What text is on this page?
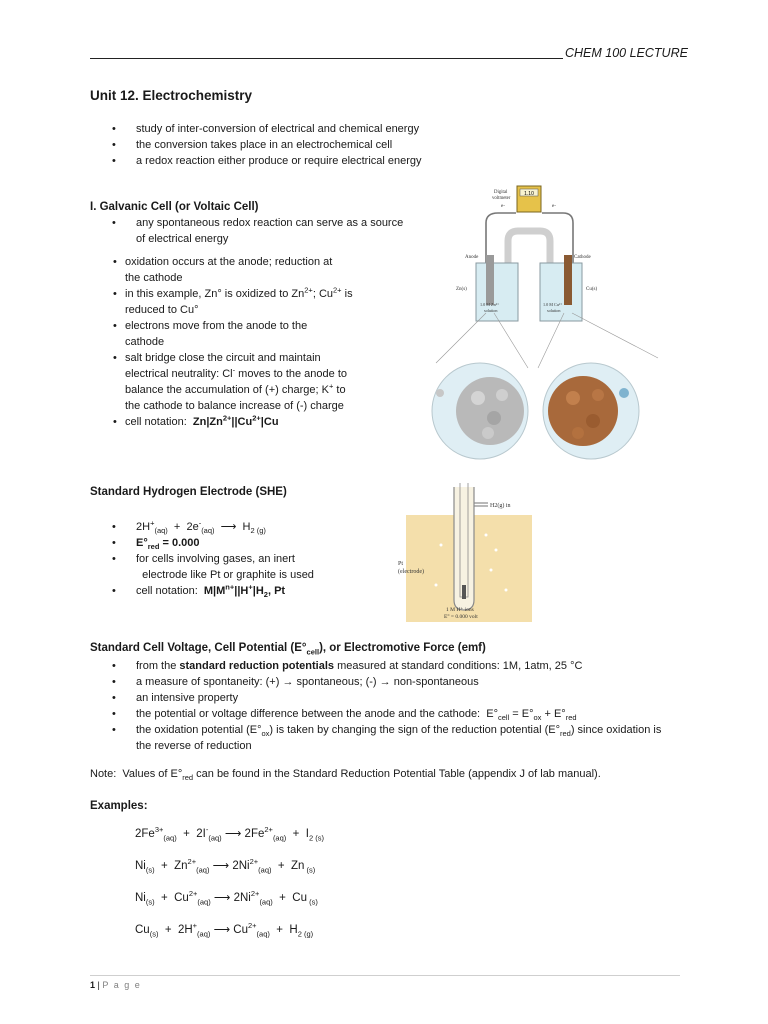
CHEM 100 LECTURE
Unit 12. Electrochemistry
• study of inter-conversion of electrical and chemical energy
• the conversion takes place in an electrochemical cell
• a redox reaction either produce or require electrical energy
I. Galvanic Cell (or Voltaic Cell)
• any spontaneous redox reaction can serve as a source
of electrical energy
• oxidation occurs at the anode; reduction at
the cathode
• in this example, Zn° is oxidized to $Zn^{2+}$; $Cu^{2+}$ is
reduced to Cu°
• electrons move from the anode to the
cathode
• salt bridge close the circuit and maintain
electrical neutrality: Cl- moves to the anode to
balance the accumulation of (+) charge; K+ to
the cathode to balance increase of (-) charge
• cell notation:  $Zn|Zn^{2+}||Cu^{2+}|Cu$
1.10
Digital
voltmeter
e-	e-
Anode	Cathode
Zn(s)	Cu(s)
1.0 M Zn²⁺
solution
1.0 M Cu²⁺
solution
Standard Hydrogen Electrode (SHE)
• $2H^+_{(aq)} + 2e^-_{(aq)}$  ⟶  $H_{2 (g)}$
• $E^\circ_{red} = 0.000$
• for cells involving gases, an inert
electrode like Pt or graphite is used
• cell notation:  $M|M^{n+}||H^+|H_2$, Pt
H2(g) in
Pt
(electrode)
1 M H⁺ ions
E° = 0.000 volt
Standard Cell Voltage, Cell Potential $(E^\circ_{cell})$, or Electromotive Force (emf)
• from the standard reduction potentials measured at standard conditions: 1M, 1atm, 25 °C
• a measure of spontaneity: (+) → spontaneous; (-) → non-spontaneous
• an intensive property
• the potential or voltage difference between the anode and the cathode:  $E^\circ_{cell} = E^\circ_{ox} + E^\circ_{red}$
• the oxidation potential $(E^\circ_{ox})$ is taken by changing the sign of the reduction potential $(E^\circ_{red})$ since oxidation is
the reverse of reduction
Note:  Values of $E^\circ_{red}$ can be found in the Standard Reduction Potential Table (appendix J of lab manual).
Examples:
$2Fe^{3+}_{(aq)} + 2I^-_{(aq)}$ ⟶ $2Fe^{2+}_{(aq)} + I_{2 (s)}$
$Ni_{(s)} + Zn^{2+}_{(aq)}$ ⟶ $2Ni^{2+}_{(aq)} + Zn$ $_{(s)}$
$Ni_{(s)} + Cu^{2+}_{(aq)}$ ⟶ $2Ni^{2+}_{(aq)} + Cu$ $_{(s)}$
$Cu_{(s)} + 2H^+_{(aq)}$ ⟶ $Cu^{2+}_{(aq)} + H_{2 (g)}$
1 | P a g e
